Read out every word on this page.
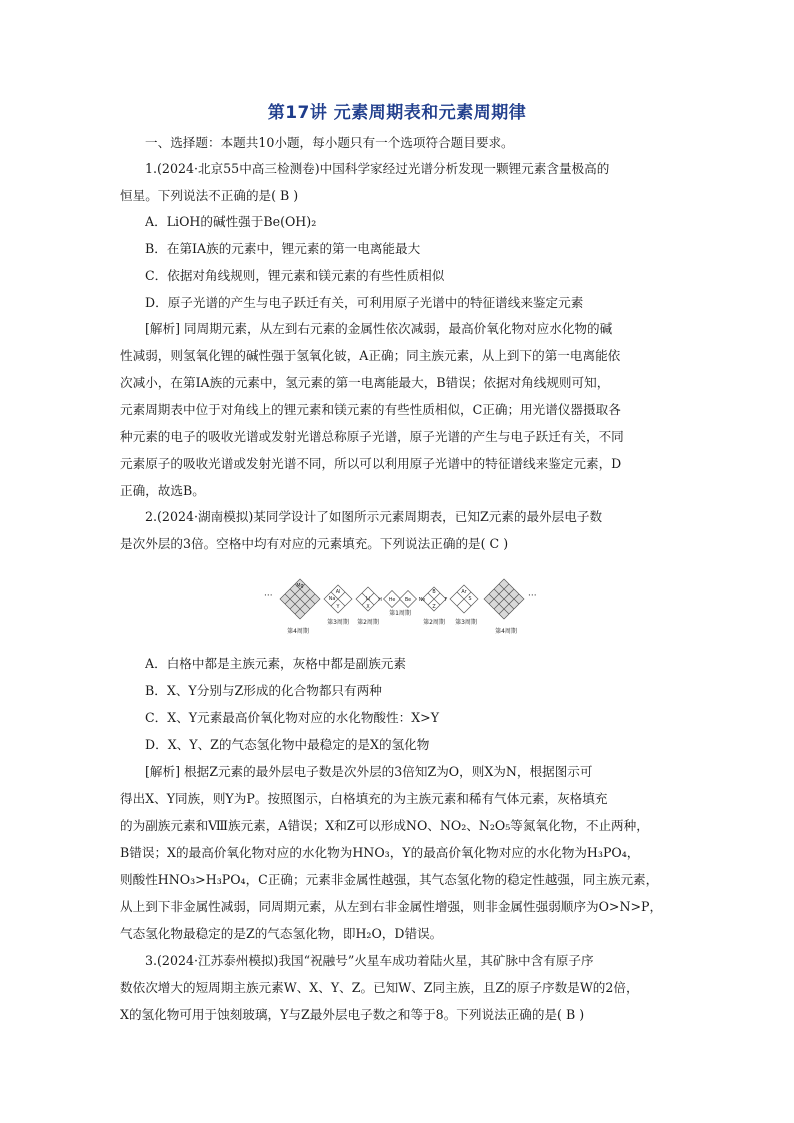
第17讲 元素周期表和元素周期律
一、选择题：本题共10小题，每小题只有一个选项符合题目要求。
1.(2024·北京55中高三检测卷)中国科学家经过光谱分析发现一颗锂元素含量极高的
恒星。下列说法不正确的是( B )
A．LiOH的碱性强于Be(OH)₂
B．在第ⅠA族的元素中，锂元素的第一电离能最大
C．依据对角线规则，锂元素和镁元素的有些性质相似
D．原子光谱的产生与电子跃迁有关，可利用原子光谱中的特征谱线来鉴定元素
[解析] 同周期元素，从左到右元素的金属性依次减弱，最高价氧化物对应水化物的碱
性减弱，则氢氧化锂的碱性强于氢氧化铍，A正确；同主族元素，从上到下的第一电离能依
次减小，在第ⅠA族的元素中，氢元素的第一电离能最大，B错误；依据对角线规则可知，
元素周期表中位于对角线上的锂元素和镁元素的有些性质相似，C正确；用光谱仪器摄取各
种元素的电子的吸收光谱或发射光谱总称原子光谱，原子光谱的产生与电子跃迁有关，不同
元素原子的吸收光谱或发射光谱不同，所以可以利用原子光谱中的特征谱线来鉴定元素，D
正确，故选B。
2.(2024·湖南模拟)某同学设计了如图所示元素周期表，已知Z元素的最外层电子数
是次外层的3倍。空格中均有对应的元素填充。下列说法正确的是( C )
···	···
Mg
Al
Na
Y	X
Li	He
H	Be Ne
B
Z
F
Ar
S
第4周期
第3周期 第2周期
第1周期
第2周期 第3周期
第4周期
A．白格中都是主族元素，灰格中都是副族元素
B．X、Y分别与Z形成的化合物都只有两种
C．X、Y元素最高价氧化物对应的水化物酸性：X>Y
D．X、Y、Z的气态氢化物中最稳定的是X的氢化物
[解析] 根据Z元素的最外层电子数是次外层的3倍知Z为O，则X为N，根据图示可
得出X、Y同族，则Y为P。按照图示，白格填充的为主族元素和稀有气体元素，灰格填充
的为副族元素和Ⅷ族元素，A错误；X和Z可以形成NO、NO₂、N₂O₅等氮氧化物，不止两种，
B错误；X的最高价氧化物对应的水化物为HNO₃，Y的最高价氧化物对应的水化物为H₃PO₄，
则酸性HNO₃>H₃PO₄，C正确；元素非金属性越强，其气态氢化物的稳定性越强，同主族元素，
从上到下非金属性减弱，同周期元素，从左到右非金属性增强，则非金属性强弱顺序为O>N>P，
气态氢化物最稳定的是Z的气态氢化物，即H₂O，D错误。
3.(2024·江苏泰州模拟)我国“祝融号”火星车成功着陆火星，其矿脉中含有原子序
数依次增大的短周期主族元素W、X、Y、Z。已知W、Z同主族，且Z的原子序数是W的2倍，
X的氢化物可用于蚀刻玻璃，Y与Z最外层电子数之和等于8。下列说法正确的是( B )
